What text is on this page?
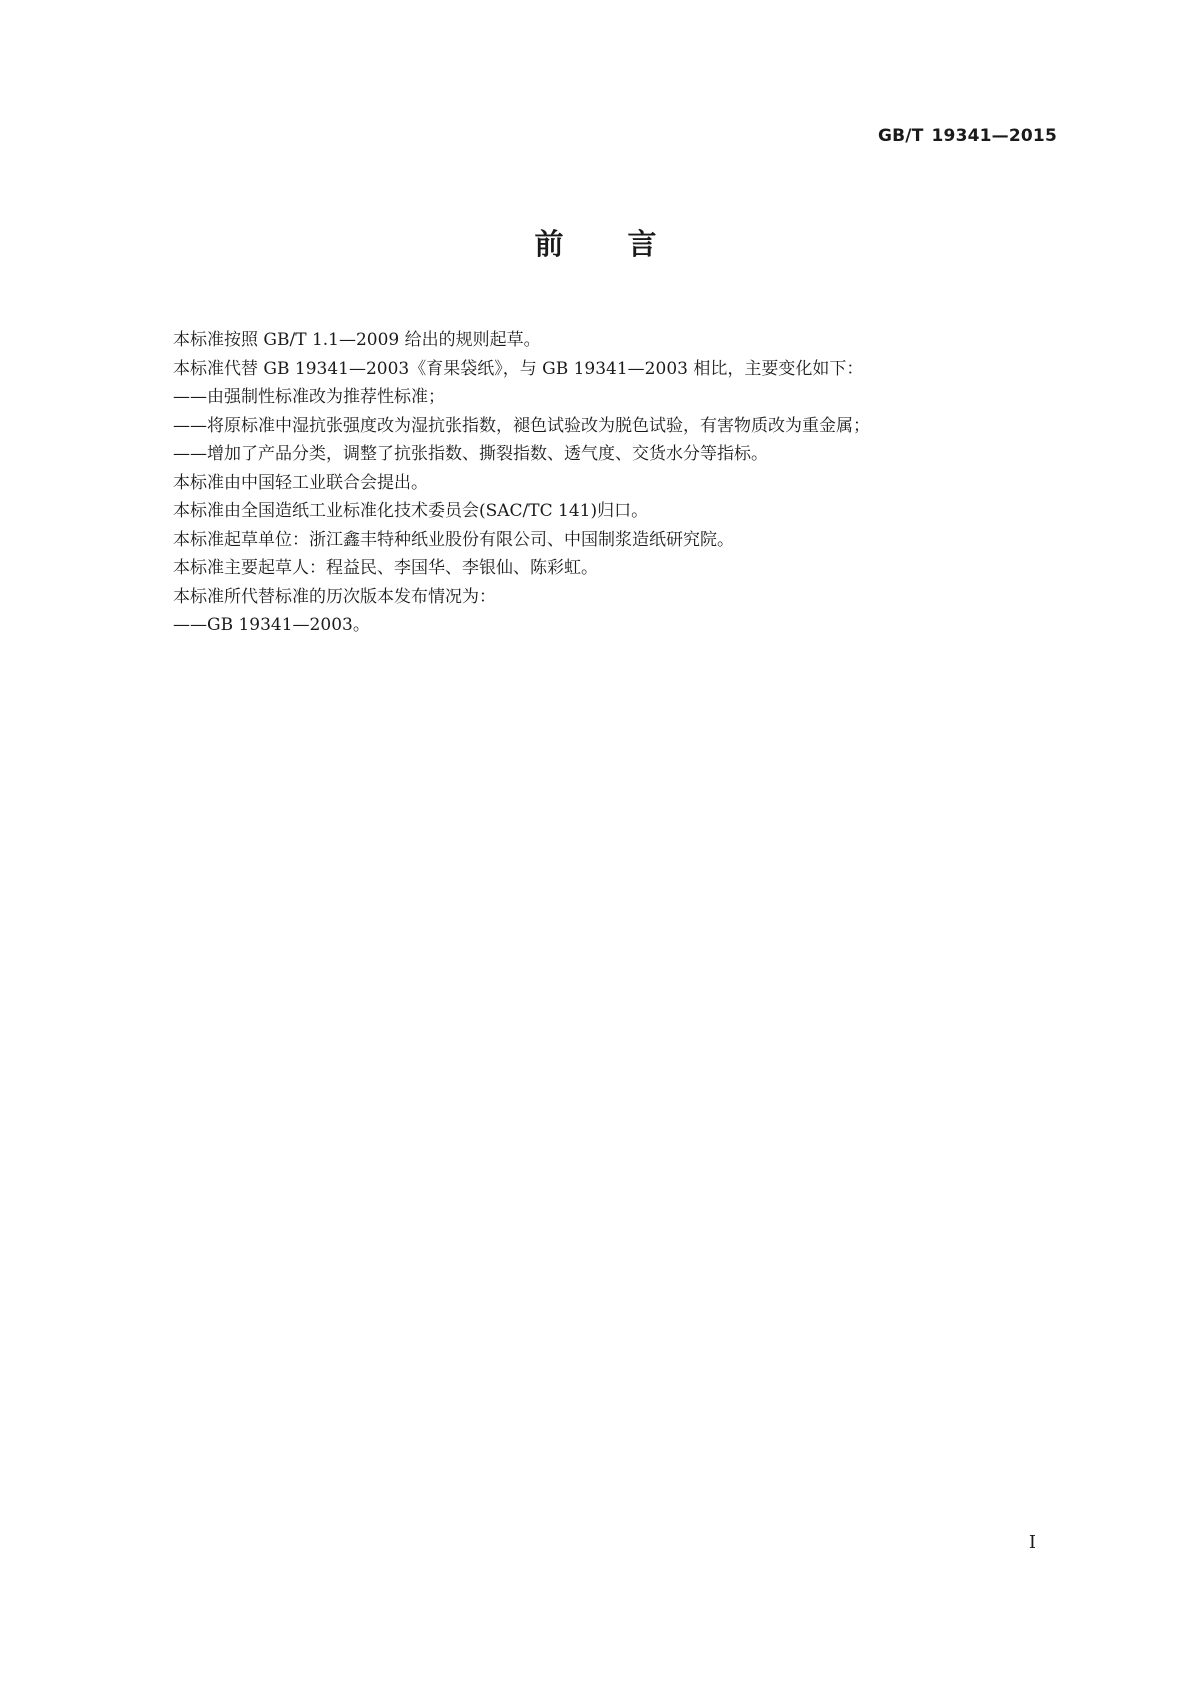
GB/T 19341—2015
前言

本标准按照 GB/T 1.1—2009 给出的规则起草。

本标准代替 GB 19341—2003《育果袋纸》，与 GB 19341—2003 相比，主要变化如下：

——由强制性标准改为推荐性标准；

——将原标准中湿抗张强度改为湿抗张指数，褪色试验改为脱色试验，有害物质改为重金属；

——增加了产品分类，调整了抗张指数、撕裂指数、透气度、交货水分等指标。

本标准由中国轻工业联合会提出。

本标准由全国造纸工业标准化技术委员会(SAC/TC 141)归口。

本标准起草单位：浙江鑫丰特种纸业股份有限公司、中国制浆造纸研究院。

本标准主要起草人：程益民、李国华、李银仙、陈彩虹。

本标准所代替标准的历次版本发布情况为：

——GB 19341—2003。

I
